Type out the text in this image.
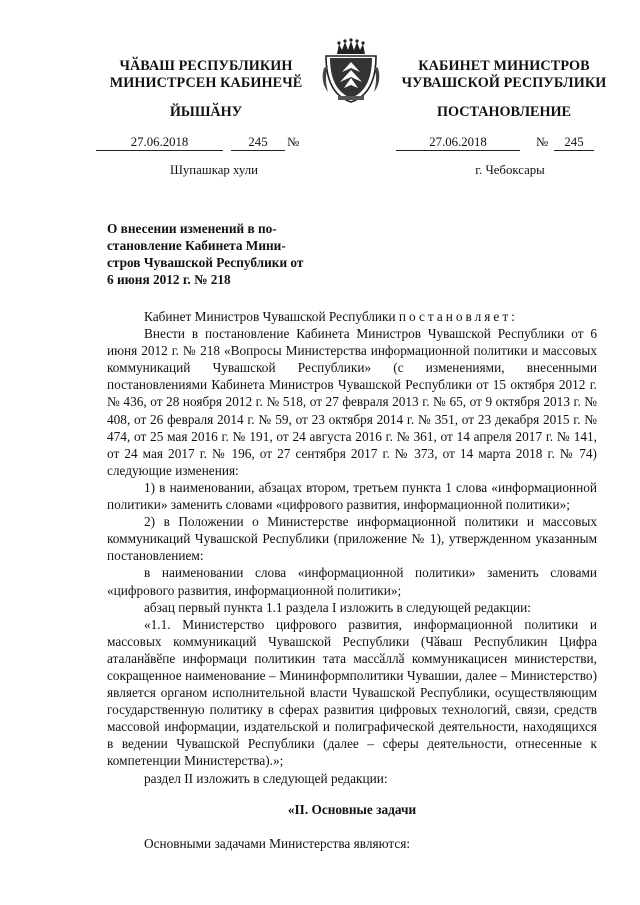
ЧӐВАШ РЕСПУБЛИКИН
МИНИСТРСЕН КАБИНЕЧӖ
ЙЫШӐНУ
КАБИНЕТ МИНИСТРОВ
ЧУВАШСКОЙ РЕСПУБЛИКИ
ПОСТАНОВЛЕНИЕ
27.06.2018	245	№	27.06.2018	№	245
Шупашкар хули	г. Чебоксары
О внесении изменений в по-становление Кабинета Мини-стров Чувашской Республики от 6 июня 2012 г. № 218

Кабинет Министров Чувашской Республики постановляет:

Внести в постановление Кабинета Министров Чувашской Республики от 6 июня 2012 г. № 218 «Вопросы Министерства информационной политики и массовых коммуникаций Чувашской Республики» (с изменениями, внесенными постановлениями Кабинета Министров Чувашской Республики от 15 октября 2012 г. № 436, от 28 ноября 2012 г. № 518, от 27 февраля 2013 г. № 65, от 9 октября 2013 г. № 408, от 26 февраля 2014 г. № 59, от 23 октября 2014 г. № 351, от 23 декабря 2015 г. № 474, от 25 мая 2016 г. № 191, от 24 августа 2016 г. № 361, от 14 апреля 2017 г. № 141, от 24 мая 2017 г. № 196, от 27 сентября 2017 г. № 373, от 14 марта 2018 г. № 74) следующие изменения:

1) в наименовании, абзацах втором, третьем пункта 1 слова «информационной политики» заменить словами «цифрового развития, информационной политики»;

2) в Положении о Министерстве информационной политики и массовых коммуникаций Чувашской Республики (приложение № 1), утвержденном указанным постановлением:

в наименовании слова «информационной политики» заменить словами «цифрового развития, информационной политики»;

абзац первый пункта 1.1 раздела I изложить в следующей редакции:

«1.1. Министерство цифрового развития, информационной политики и массовых коммуникаций Чувашской Республики (Чӑваш Республикин Цифра аталанӑвӗпе информаци политикин тата массӑллӑ коммуникацисен министерстви, сокращенное наименование – Мининформполитики Чувашии, далее – Министерство) является органом исполнительной власти Чувашской Республики, осуществляющим государственную политику в сферах развития цифровых технологий, связи, средств массовой информации, издательской и полиграфической деятельности, находящихся в ведении Чувашской Республики (далее – сферы деятельности, отнесенные к компетенции Министерства).»;

раздел II изложить в следующей редакции:

«II. Основные задачи

Основными задачами Министерства являются:
